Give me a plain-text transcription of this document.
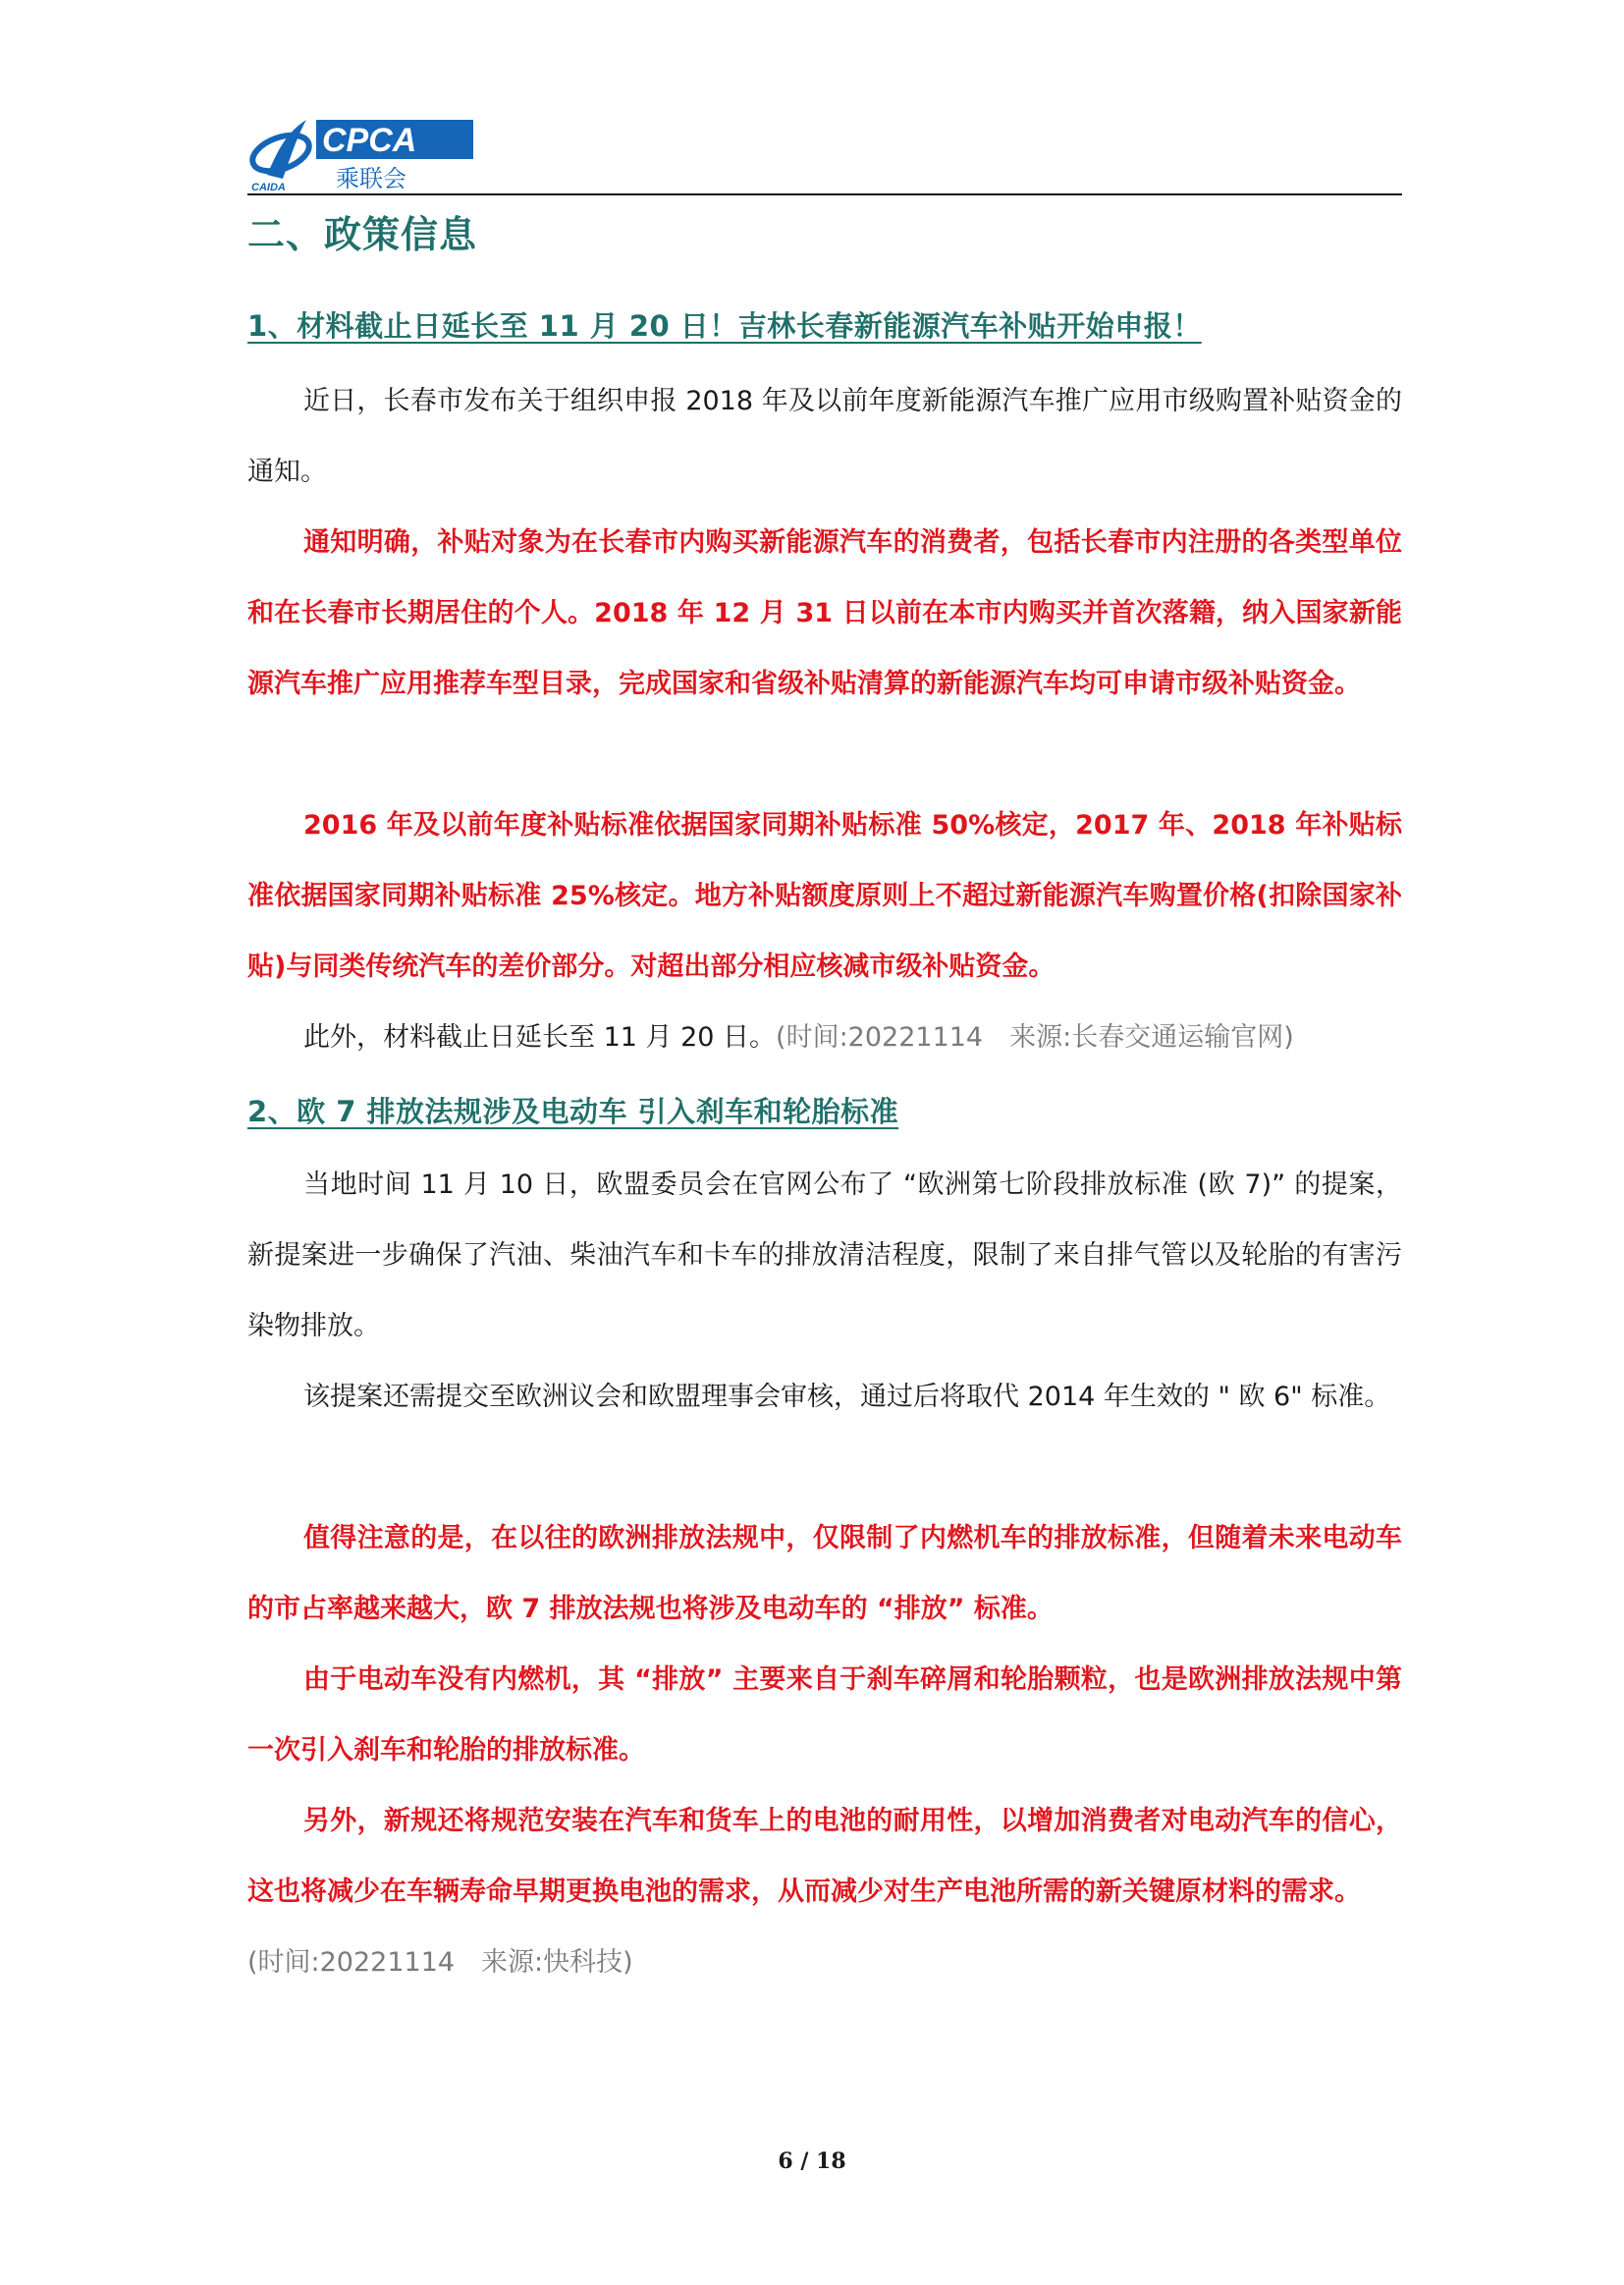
CAIDA
CPCA
乘联会
二、政策信息
1、材料截止日延长至 11 月 20 日！吉林长春新能源汽车补贴开始申报！

近日，长春市发布关于组织申报 2018 年及以前年度新能源汽车推广应用市级购置补贴资金的通知。

通知明确，补贴对象为在长春市内购买新能源汽车的消费者，包括长春市内注册的各类型单位和在长春市长期居住的个人。2018 年 12 月 31 日以前在本市内购买并首次落籍，纳入国家新能源汽车推广应用推荐车型目录，完成国家和省级补贴清算的新能源汽车均可申请市级补贴资金。

2016 年及以前年度补贴标准依据国家同期补贴标准 50%核定，2017 年、2018 年补贴标准依据国家同期补贴标准 25%核定。地方补贴额度原则上不超过新能源汽车购置价格(扣除国家补贴)与同类传统汽车的差价部分。对超出部分相应核减市级补贴资金。

此外，材料截止日延长至 11 月 20 日。(时间:20221114　来源:长春交通运输官网)

2、欧 7 排放法规涉及电动车 引入刹车和轮胎标准

当地时间 11 月 10 日，欧盟委员会在官网公布了 “欧洲第七阶段排放标准 (欧 7)” 的提案，新提案进一步确保了汽油、柴油汽车和卡车的排放清洁程度，限制了来自排气管以及轮胎的有害污染物排放。

该提案还需提交至欧洲议会和欧盟理事会审核，通过后将取代 2014 年生效的 " 欧 6" 标准。

值得注意的是，在以往的欧洲排放法规中，仅限制了内燃机车的排放标准，但随着未来电动车的市占率越来越大，欧 7 排放法规也将涉及电动车的 “排放” 标准。

由于电动车没有内燃机，其 “排放” 主要来自于刹车碎屑和轮胎颗粒，也是欧洲排放法规中第一次引入刹车和轮胎的排放标准。

另外，新规还将规范安装在汽车和货车上的电池的耐用性，以增加消费者对电动汽车的信心，这也将减少在车辆寿命早期更换电池的需求，从而减少对生产电池所需的新关键原材料的需求。

(时间:20221114　来源:快科技)

6 / 18
